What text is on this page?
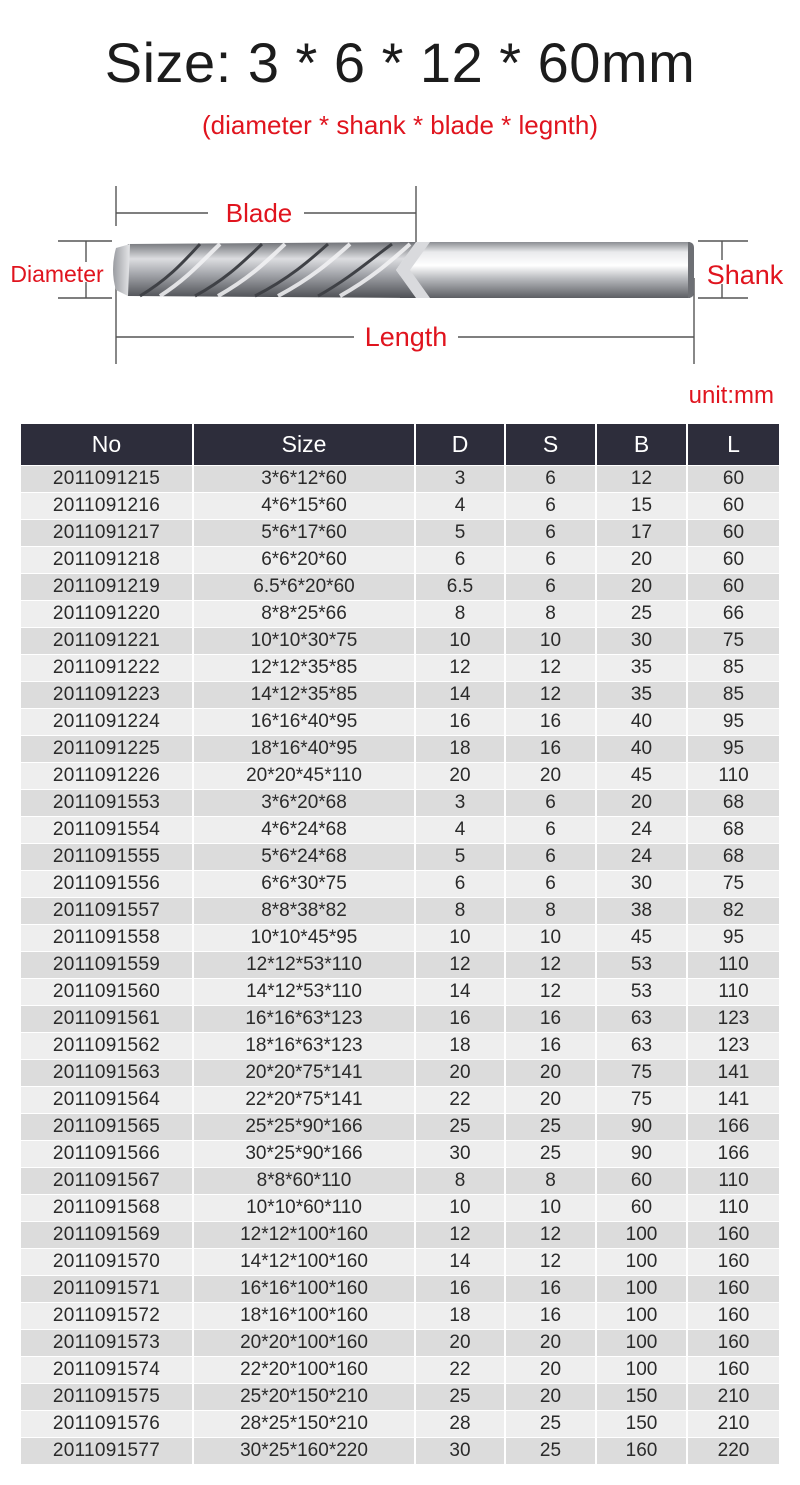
Size: 3 * 6 * 12 * 60mm
(diameter * shank * blade * legnth)
Blade
Diameter	Shank
Length
unit:mm
No	Size	D	S	B	L
2011091215	3*6*12*60	3	6	12	60
2011091216	4*6*15*60	4	6	15	60
2011091217	5*6*17*60	5	6	17	60
2011091218	6*6*20*60	6	6	20	60
2011091219	6.5*6*20*60	6.5	6	20	60
2011091220	8*8*25*66	8	8	25	66
2011091221	10*10*30*75	10	10	30	75
2011091222	12*12*35*85	12	12	35	85
2011091223	14*12*35*85	14	12	35	85
2011091224	16*16*40*95	16	16	40	95
2011091225	18*16*40*95	18	16	40	95
2011091226	20*20*45*110	20	20	45	110
2011091553	3*6*20*68	3	6	20	68
2011091554	4*6*24*68	4	6	24	68
2011091555	5*6*24*68	5	6	24	68
2011091556	6*6*30*75	6	6	30	75
2011091557	8*8*38*82	8	8	38	82
2011091558	10*10*45*95	10	10	45	95
2011091559	12*12*53*110	12	12	53	110
2011091560	14*12*53*110	14	12	53	110
2011091561	16*16*63*123	16	16	63	123
2011091562	18*16*63*123	18	16	63	123
2011091563	20*20*75*141	20	20	75	141
2011091564	22*20*75*141	22	20	75	141
2011091565	25*25*90*166	25	25	90	166
2011091566	30*25*90*166	30	25	90	166
2011091567	8*8*60*110	8	8	60	110
2011091568	10*10*60*110	10	10	60	110
2011091569	12*12*100*160	12	12	100	160
2011091570	14*12*100*160	14	12	100	160
2011091571	16*16*100*160	16	16	100	160
2011091572	18*16*100*160	18	16	100	160
2011091573	20*20*100*160	20	20	100	160
2011091574	22*20*100*160	22	20	100	160
2011091575	25*20*150*210	25	20	150	210
2011091576	28*25*150*210	28	25	150	210
2011091577	30*25*160*220	30	25	160	220
